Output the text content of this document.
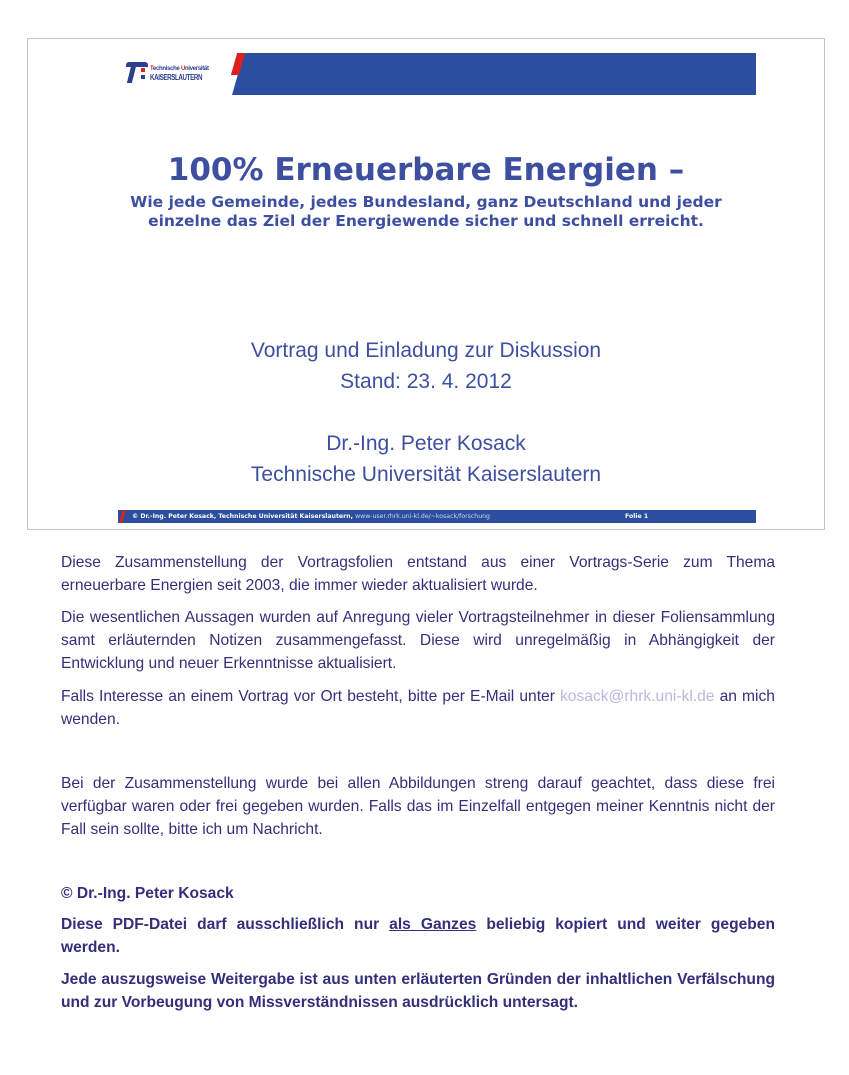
Technische Universität
KAISERSLAUTERN
100% Erneuerbare Energien –
Wie jede Gemeinde, jedes Bundesland, ganz Deutschland und jeder einzelne das Ziel der Energiewende sicher und schnell erreicht.
Vortrag und Einladung zur Diskussion
Stand: 23. 4. 2012
Dr.-Ing. Peter Kosack
Technische Universität Kaiserslautern
© Dr.-Ing. Peter Kosack, Technische Universität Kaiserslautern, www-user.rhrk.uni-kl.de/~kosack/forschung	Folie 1

Diese Zusammenstellung der Vortragsfolien entstand aus einer Vortrags-Serie zum Thema erneuerbare Energien seit 2003, die immer wieder aktualisiert wurde.

Die wesentlichen Aussagen wurden auf Anregung vieler Vortragsteilnehmer in dieser Foliensammlung samt erläuternden Notizen zusammengefasst. Diese wird unregelmäßig in Abhängigkeit der Entwicklung und neuer Erkenntnisse aktualisiert.

Falls Interesse an einem Vortrag vor Ort besteht, bitte per E-Mail unter kosack@rhrk.uni-kl.de an mich wenden.

Bei der Zusammenstellung wurde bei allen Abbildungen streng darauf geachtet, dass diese frei verfügbar waren oder frei gegeben wurden. Falls das im Einzelfall entgegen meiner Kenntnis nicht der Fall sein sollte, bitte ich um Nachricht.

© Dr.-Ing. Peter Kosack

Diese PDF-Datei darf ausschließlich nur als Ganzes beliebig kopiert und weiter gegeben werden.

Jede auszugsweise Weitergabe ist aus unten erläuterten Gründen der inhaltlichen Verfälschung und zur Vorbeugung von Missverständnissen ausdrücklich untersagt.
